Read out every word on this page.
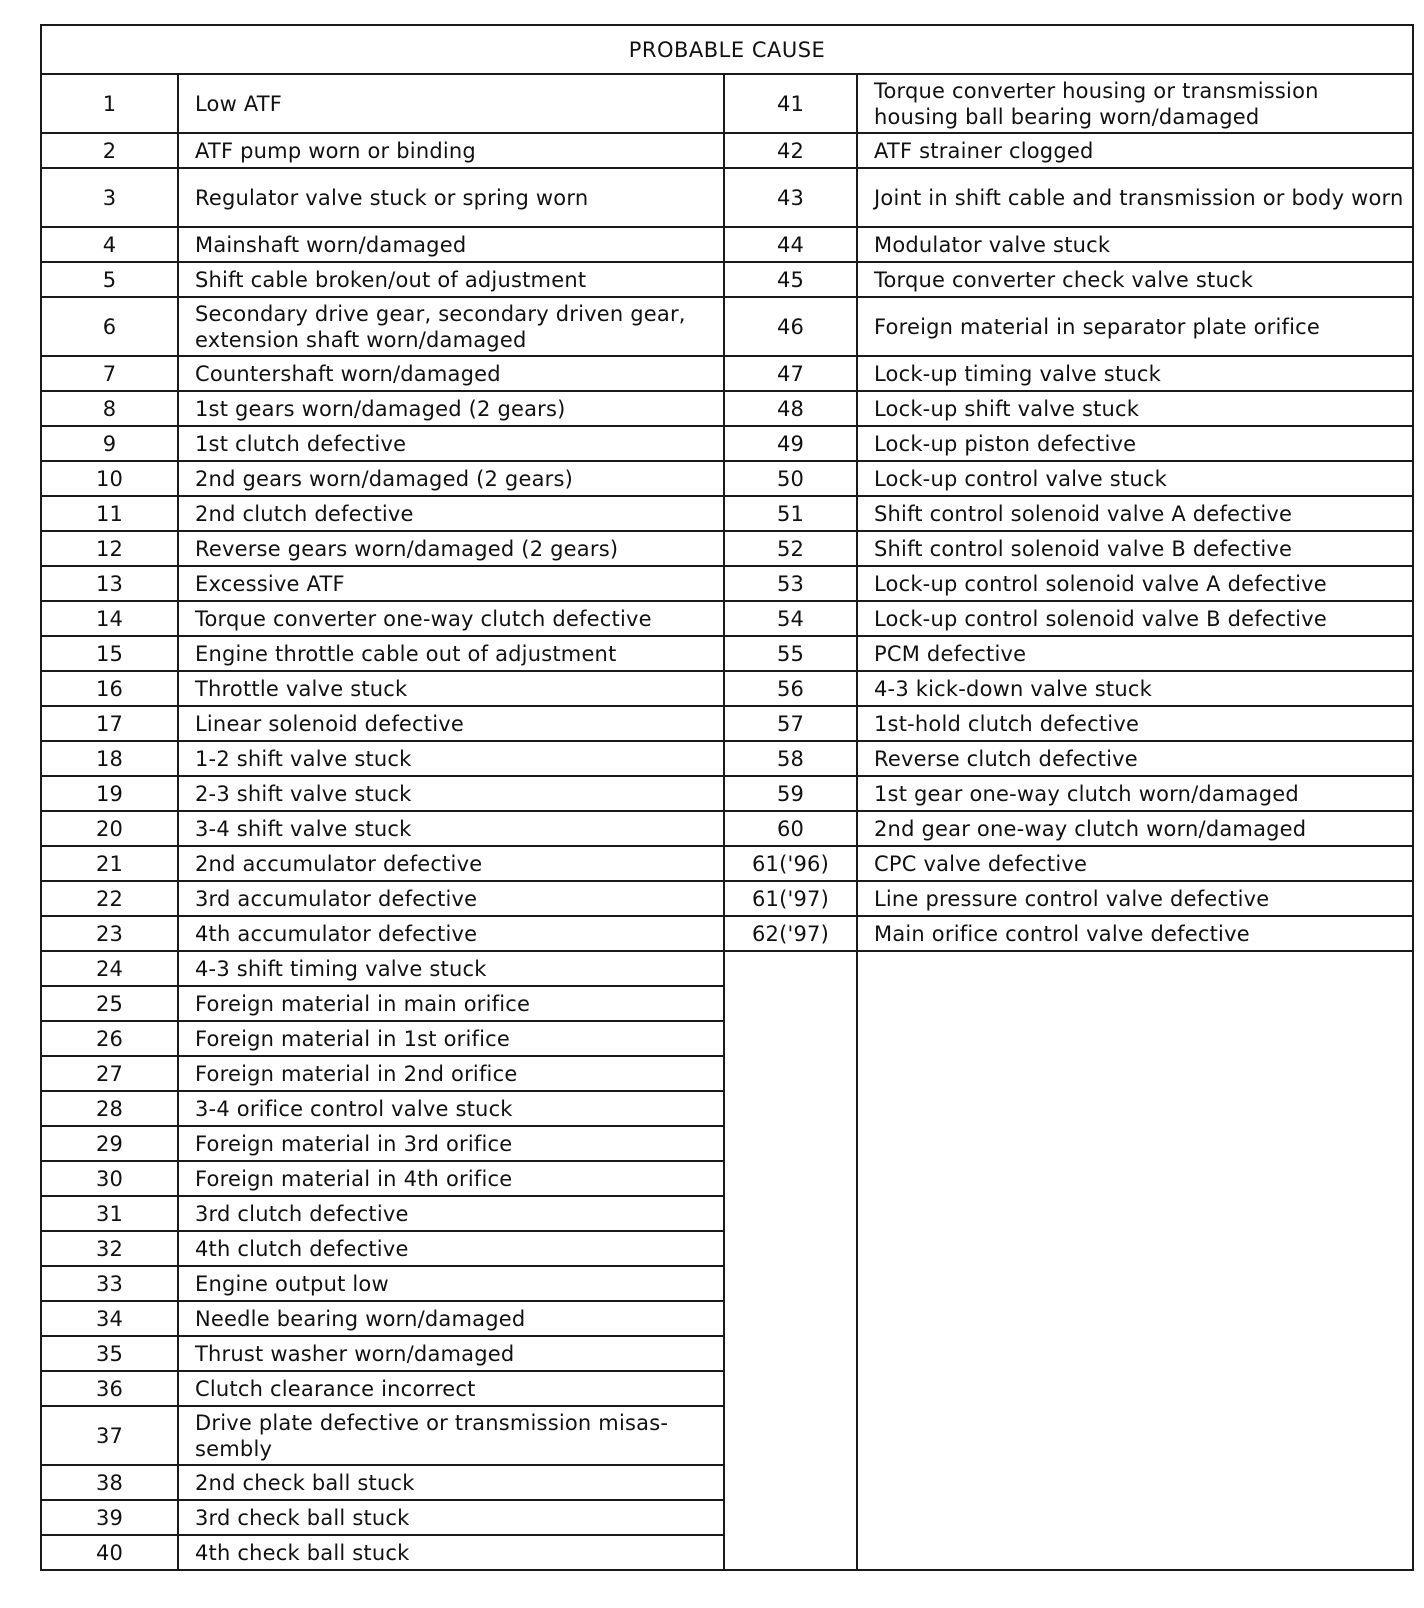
PROBABLE CAUSE			
1	Low ATF	41	Torque converter housing or transmission housing ball bearing worn/damaged
2	ATF pump worn or binding	42	ATF strainer clogged
3	Regulator valve stuck or spring worn	43	Joint in shift cable and transmission or body worn
4	Mainshaft worn/damaged	44	Modulator valve stuck
5	Shift cable broken/out of adjustment	45	Torque converter check valve stuck
6	Secondary drive gear, secondary driven gear, extension shaft worn/damaged	46	Foreign material in separator plate orifice
7	Countershaft worn/damaged	47	Lock-up timing valve stuck
8	1st gears worn/damaged (2 gears)	48	Lock-up shift valve stuck
9	1st clutch defective	49	Lock-up piston defective
10	2nd gears worn/damaged (2 gears)	50	Lock-up control valve stuck
11	2nd clutch defective	51	Shift control solenoid valve A defective
12	Reverse gears worn/damaged (2 gears)	52	Shift control solenoid valve B defective
13	Excessive ATF	53	Lock-up control solenoid valve A defective
14	Torque converter one-way clutch defective	54	Lock-up control solenoid valve B defective
15	Engine throttle cable out of adjustment	55	PCM defective
16	Throttle valve stuck	56	4-3 kick-down valve stuck
17	Linear solenoid defective	57	1st-hold clutch defective
18	1-2 shift valve stuck	58	Reverse clutch defective
19	2-3 shift valve stuck	59	1st gear one-way clutch worn/damaged
20	3-4 shift valve stuck	60	2nd gear one-way clutch worn/damaged
21	2nd accumulator defective	61('96)	CPC valve defective
22	3rd accumulator defective	61('97)	Line pressure control valve defective
23	4th accumulator defective	62('97)	Main orifice control valve defective
24	4-3 shift timing valve stuck		
25	Foreign material in main orifice		
26	Foreign material in 1st orifice		
27	Foreign material in 2nd orifice		
28	3-4 orifice control valve stuck		
29	Foreign material in 3rd orifice		
30	Foreign material in 4th orifice		
31	3rd clutch defective		
32	4th clutch defective		
33	Engine output low		
34	Needle bearing worn/damaged		
35	Thrust washer worn/damaged		
36	Clutch clearance incorrect		
37	Drive plate defective or transmission misas-sembly		
38	2nd check ball stuck		
39	3rd check ball stuck		
40	4th check ball stuck		
